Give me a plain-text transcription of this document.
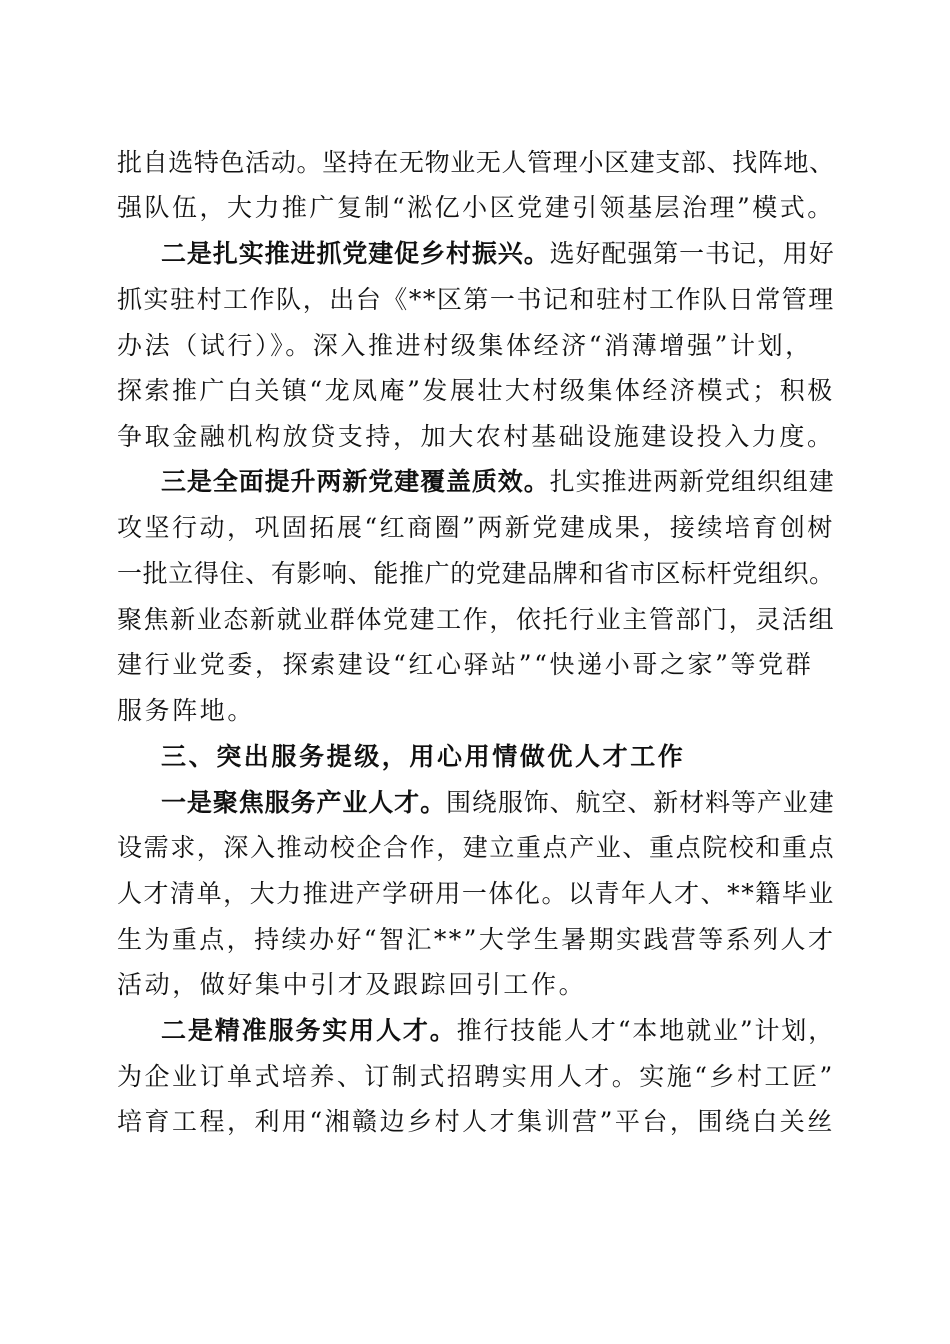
批自选特色活动。坚持在无物业无人管理小区建支部、找阵地、
强队伍，大力推广复制“淞亿小区党建引领基层治理”模式。
二是扎实推进抓党建促乡村振兴。选好配强第一书记，用好
抓实驻村工作队，出台《**区第一书记和驻村工作队日常管理
办法（试行）》。深入推进村级集体经济“消薄增强”计划，
探索推广白关镇“龙凤庵”发展壮大村级集体经济模式；积极
争取金融机构放贷支持，加大农村基础设施建设投入力度。
三是全面提升两新党建覆盖质效。扎实推进两新党组织组建
攻坚行动，巩固拓展“红商圈”两新党建成果，接续培育创树
一批立得住、有影响、能推广的党建品牌和省市区标杆党组织。
聚焦新业态新就业群体党建工作，依托行业主管部门，灵活组
建行业党委，探索建设“红心驿站”“快递小哥之家”等党群
服务阵地。
三、突出服务提级，用心用情做优人才工作
一是聚焦服务产业人才。围绕服饰、航空、新材料等产业建
设需求，深入推动校企合作，建立重点产业、重点院校和重点
人才清单，大力推进产学研用一体化。以青年人才、**籍毕业
生为重点，持续办好“智汇**”大学生暑期实践营等系列人才
活动，做好集中引才及跟踪回引工作。
二是精准服务实用人才。推行技能人才“本地就业”计划，
为企业订单式培养、订制式招聘实用人才。实施“乡村工匠”
培育工程，利用“湘赣边乡村人才集训营”平台，围绕白关丝
